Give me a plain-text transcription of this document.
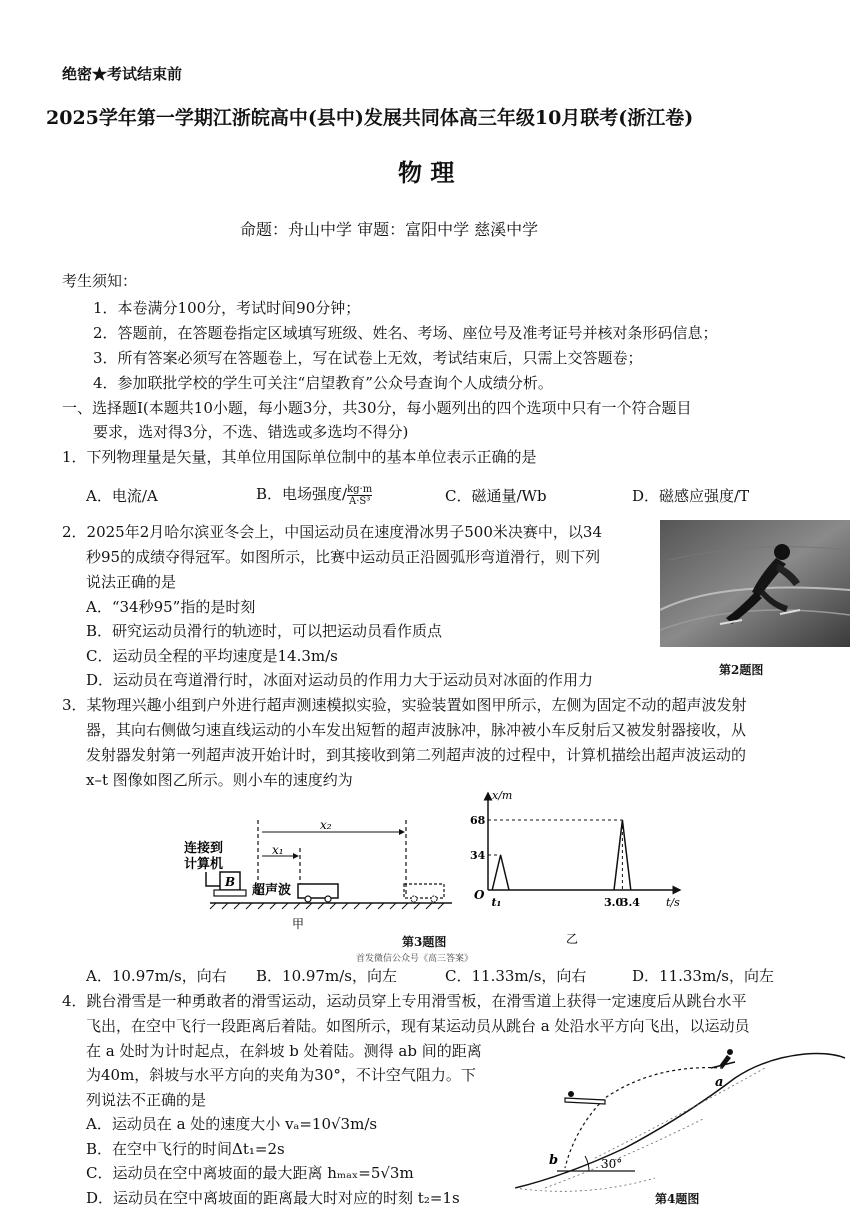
绝密★考试结束前
2025学年第一学期江浙皖高中(县中)发展共同体高三年级10月联考(浙江卷)
物 理
命题：舟山中学 审题：富阳中学 慈溪中学
考生须知：
1．本卷满分100分，考试时间90分钟；
2．答题前，在答题卷指定区域填写班级、姓名、考场、座位号及准考证号并核对条形码信息；
3．所有答案必须写在答题卷上，写在试卷上无效，考试结束后，只需上交答题卷；
4．参加联批学校的学生可关注“启望教育”公众号查询个人成绩分析。
一、选择题Ⅰ(本题共10小题，每小题3分，共30分，每小题列出的四个选项中只有一个符合题目
要求，选对得3分，不选、错选或多选均不得分)
1．下列物理量是矢量，其单位用国际单位制中的基本单位表示正确的是
A．电流/A	B．电场强度/ $\frac{kg\cdot m}{\text{A·S³}}$	C．磁通量/Wb	D．磁感应强度/T
2．2025年2月哈尔滨亚冬会上，中国运动员在速度滑冰男子500米决赛中，以34
秒95的成绩夺得冠军。如图所示，比赛中运动员正沿圆弧形弯道滑行，则下列
说法正确的是
A．“34秒95”指的是时刻
B．研究运动员滑行的轨迹时，可以把运动员看作质点
C．运动员全程的平均速度是14.3m/s
D．运动员在弯道滑行时，冰面对运动员的作用力大于运动员对冰面的作用力
第2题图
3．某物理兴趣小组到户外进行超声测速模拟实验，实验装置如图甲所示，左侧为固定不动的超声波发射
器，其向右侧做匀速直线运动的小车发出短暂的超声波脉冲，脉冲被小车反射后又被发射器接收，从
发射器发射第一列超声波开始计时，到其接收到第二列超声波的过程中，计算机描绘出超声波运动的
x–t 图像如图乙所示。则小车的速度约为
连接到
计算机
B
x₁
x₂
超声波
甲
x/m
t/s
O
68
34
t₁	3.0
3.4
乙
第3题图
首发微信公众号《高三答案》
A．10.97m/s，向右 B．10.97m/s，向左	C．11.33m/s，向右	D．11.33m/s，向左
4．跳台滑雪是一种勇敢者的滑雪运动，运动员穿上专用滑雪板，在滑雪道上获得一定速度后从跳台水平
飞出，在空中飞行一段距离后着陆。如图所示，现有某运动员从跳台 a 处沿水平方向飞出，以运动员
在 a 处时为计时起点，在斜坡 b 处着陆。测得 ab 间的距离
为40m，斜坡与水平方向的夹角为30°，不计空气阻力。下
列说法不正确的是
A．运动员在 a 处的速度大小 vₐ=10√3m/s
B．在空中飞行的时间Δt₁=2s
C．运动员在空中离坡面的最大距离 hₘₐₓ=5√3m
D．运动员在空中离坡面的距离最大时对应的时刻 t₂=1s
a
b	30°
第4题图
